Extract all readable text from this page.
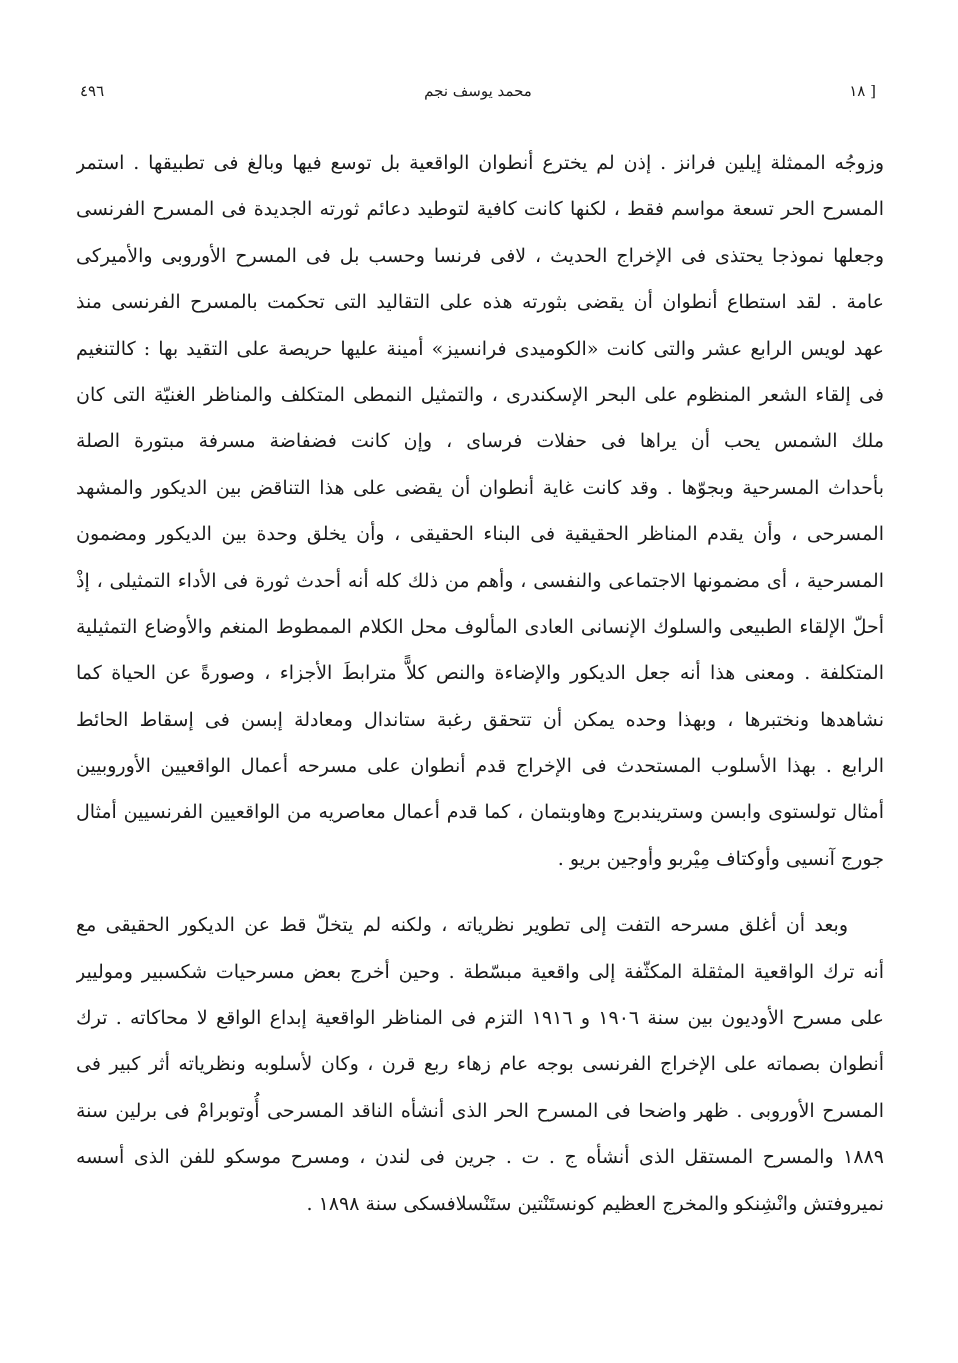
٤٩٦	محمد يوسف نجم	[ ١٨
وزوجُه الممثلة إيلين فرانز . إذن لم يخترع أنطوان الواقعية بل توسع فيها وبالغ فى تطبيقها . استمر
المسرح الحر تسعة مواسم فقط ، لكنها كانت كافية لتوطيد دعائم ثورته الجديدة فى المسرح الفرنسى
وجعلها نموذجا يحتذى فى الإخراج الحديث ، لافى فرنسا وحسب بل فى المسرح الأوروبى والأميركى
عامة . لقد استطاع أنطوان أن يقضى بثورته هذه على التقاليد التى تحكمت بالمسرح الفرنسى منذ
عهد لويس الرابع عشر والتى كانت «الكوميدى فرانسيز» أمينة عليها حريصة على التقيد بها : كالتنغيم
فى إلقاء الشعر المنظوم على البحر الإسكندرى ، والتمثيل النمطى المتكلف والمناظر الغنيّة التى كان
ملك الشمس يحب أن يراها فى حفلات فرساى ، وإن كانت فضفاضة مسرفة مبتورة الصلة
بأحداث المسرحية وبجوّها . وقد كانت غاية أنطوان أن يقضى على هذا التناقض بين الديكور والمشهد
المسرحى ، وأن يقدم المناظر الحقيقية فى البناء الحقيقى ، وأن يخلق وحدة بين الديكور ومضمون
المسرحية ، أى مضمونها الاجتماعى والنفسى ، وأهم من ذلك كله أنه أحدث ثورة فى الأداء التمثيلى ، إذْ
أحلّ الإلقاء الطبيعى والسلوك الإنسانى العادى المألوف محل الكلام الممطوط المنغم والأوضاع التمثيلية
المتكلفة . ومعنى هذا أنه جعل الديكور والإضاءة والنص كلاًّ مترابطَ الأجزاء ، وصورةً عن الحياة كما
نشاهدها ونختبرها ، وبهذا وحده يمكن أن تتحقق رغبة ستاندال ومعادلة إبسن فى إسقاط الحائط
الرابع . بهذا الأسلوب المستحدث فى الإخراج قدم أنطوان على مسرحه أعمال الواقعيين الأوروبيين
أمثال تولستوى وابسن وستريندبرج وهاوبتمان ، كما قدم أعمال معاصريه من الواقعيين الفرنسيين أمثال
جورج آنسيى وأوكتاف مِيْربو وأوجين بريو .
وبعد أن أغلق مسرحه التفت إلى تطوير نظرياته ، ولكنه لم يتخلّ قط عن الديكور الحقيقى مع
أنه ترك الواقعية المثقلة المكثّفة إلى واقعية مبسّطة . وحين أخرج بعض مسرحيات شكسبير وموليير
على مسرح الأوديون بين سنة ١٩٠٦ و ١٩١٦ التزم فى المناظر الواقعية إبداع الواقع لا محاكاته . ترك
أنطوان بصماته على الإخراج الفرنسى بوجه عام زهاء ربع قرن ، وكان لأسلوبه ونظرياته أثر كبير فى
المسرح الأوروبى . ظهر واضحا فى المسرح الحر الذى أنشأه الناقد المسرحى أُوتوبرامْ فى برلين سنة
١٨٨٩ والمسرح المستقل الذى أنشأه ج . ت . جرين فى لندن ، ومسرح موسكو للفن الذى أسسه
نميروفتش وانْشِنكو والمخرج العظيم كونستَنْتين ستَنْسلافسكى سنة ١٨٩٨ .
